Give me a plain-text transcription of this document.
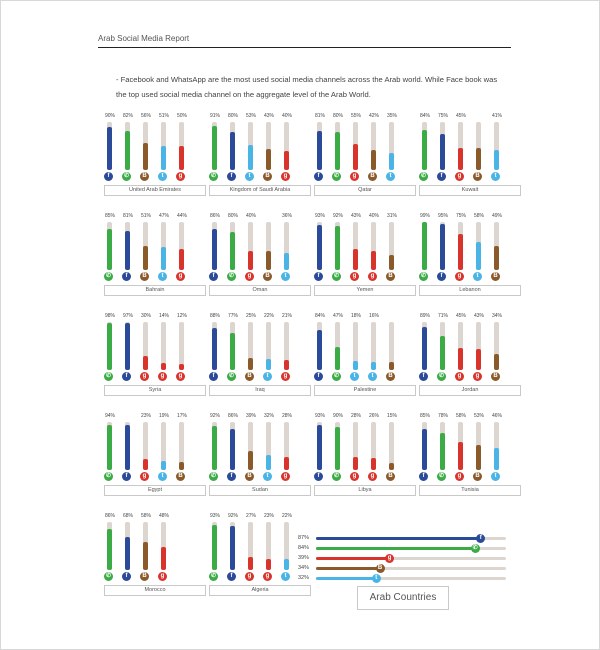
Arab Social Media Report
- Facebook and WhatsApp are the most used social media channels across the Arab world. While Face book was the top used social media channel on the aggregate level of the Arab World.
90%
f
82%
✆
56%
B
51%
t
50%
g
United Arab Emirates
91%
✆
80%
f
53%
t
43%
B
40%
g
Kingdom of Saudi Arabia
81%
f
80%
✆
55%
g
42%
B
35%
t
Qatar
84%
✆
75%
f
45%
g	B
41%
t
Kuwait
85%
✆
81%
f
51%
B
47%
t
44%
g
Bahrain
86%
f
80%
✆
40%
g	B
36%
t
Oman
93%
f
92%
✆
43%
g
40%
g
31%
B
Yemen
99%
✆
95%
f
75%
g
58%
t
49%
B
Lebanon
98%
✆
97%
f
30%
g
14%
g
12%
g
Syria
88%
f
77%
✆
25%
B
22%
t
21%
g
Iraq
84%
f
47%
✆
18%
t
16%
t	B
Palestine
89%
f
71%
✆
45%
g
43%
g
34%
B
Jordan
94%
✆	f
23%
g
19%
t
17%
B
Egypt
92%
✆
86%
f
39%
B
32%
t
28%
g
Sudan
93%
f
90%
✆
28%
g
26%
g
15%
B
Libya
85%
f
78%
✆
58%
g
53%
B
46%
t
Tunisia
86%
✆
68%
f
58%
B
48%
g
Morocco
93%
✆
92%
f
27%
g
23%
g
22%
t
Algeria
87%	f
84%	✆
39%	g
34%	B
32%	t
Arab Countries
